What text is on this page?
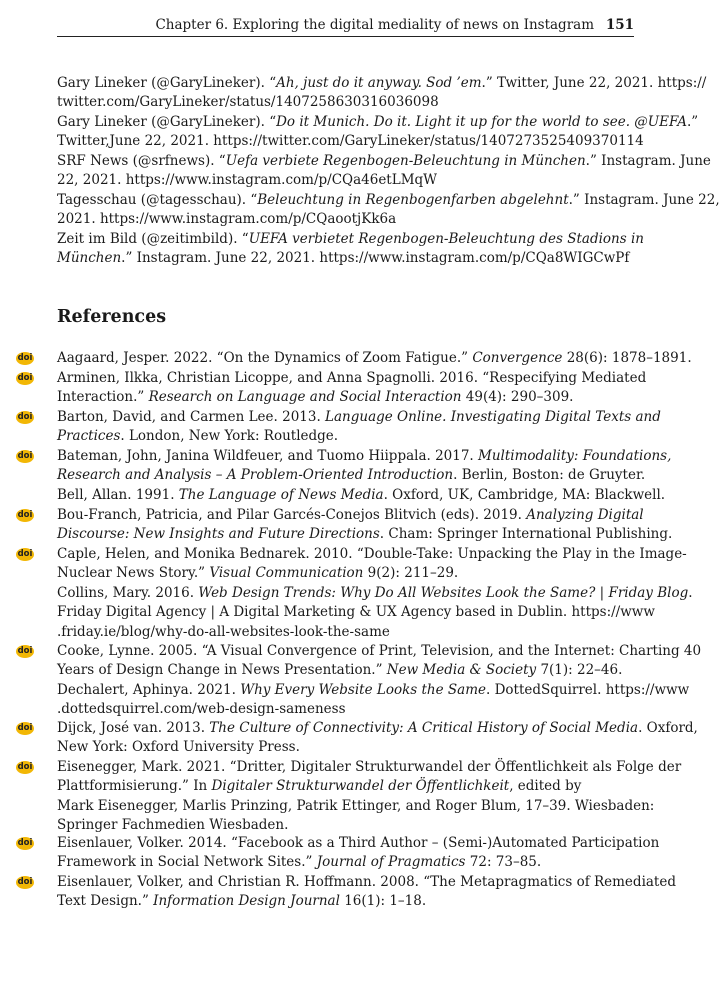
Chapter 6. Exploring the digital mediality of news on Instagram 151
Gary Lineker (@GaryLineker). “Ah, just do it anyway. Sod ’em.” Twitter, June 22, 2021. https://
twitter.com/GaryLineker/status/1407258630316036098
Gary Lineker (@GaryLineker). “Do it Munich. Do it. Light it up for the world to see. @UEFA.”
Twitter,June 22, 2021. https://twitter.com/GaryLineker/status/1407273525409370114
SRF News (@srfnews). “Uefa verbiete Regenbogen-Beleuchtung in München.” Instagram. June
22, 2021. https://www.instagram.com/p/CQa46etLMqW
Tagesschau (@tagesschau). “Beleuchtung in Regenbogenfarben abgelehnt.” Instagram. June 22,
2021. https://www.instagram.com/p/CQaootjKk6a
Zeit im Bild (@zeitimbild). “UEFA verbietet Regenbogen-Beleuchtung des Stadions in
München.” Instagram. June 22, 2021. https://www.instagram.com/p/CQa8WIGCwPf
References
Aagaard, Jesper. 2022. “On the Dynamics of Zoom Fatigue.” Convergence 28(6): 1878–1891.
doi
Arminen, Ilkka, Christian Licoppe, and Anna Spagnolli. 2016. “Respecifying Mediated
Interaction.” Research on Language and Social Interaction 49(4): 290–309.
doi
Barton, David, and Carmen Lee. 2013. Language Online. Investigating Digital Texts and
Practices. London, New York: Routledge.
doi
Bateman, John, Janina Wildfeuer, and Tuomo Hiippala. 2017. Multimodality: Foundations,
Research and Analysis – A Problem-Oriented Introduction. Berlin, Boston: de Gruyter.
doi
Bell, Allan. 1991. The Language of News Media. Oxford, UK, Cambridge, MA: Blackwell.
Bou-Franch, Patricia, and Pilar Garcés-Conejos Blitvich (eds). 2019. Analyzing Digital
Discourse: New Insights and Future Directions. Cham: Springer International Publishing.
doi
Caple, Helen, and Monika Bednarek. 2010. “Double-Take: Unpacking the Play in the Image-
Nuclear News Story.” Visual Communication 9(2): 211–29.
doi
Collins, Mary. 2016. Web Design Trends: Why Do All Websites Look the Same? | Friday Blog.
Friday Digital Agency | A Digital Marketing & UX Agency based in Dublin. https://www
.friday.ie/blog/why-do-all-websites-look-the-same
Cooke, Lynne. 2005. “A Visual Convergence of Print, Television, and the Internet: Charting 40
Years of Design Change in News Presentation.” New Media & Society 7(1): 22–46.
doi
Dechalert, Aphinya. 2021. Why Every Website Looks the Same. DottedSquirrel. https://www
.dottedsquirrel.com/web-design-sameness
Dijck, José van. 2013. The Culture of Connectivity: A Critical History of Social Media. Oxford,
New York: Oxford University Press.
doi
Eisenegger, Mark. 2021. “Dritter, Digitaler Strukturwandel der Öffentlichkeit als Folge der
Plattformisierung.” In Digitaler Strukturwandel der Öffentlichkeit, edited by
Mark Eisenegger, Marlis Prinzing, Patrik Ettinger, and Roger Blum, 17–39. Wiesbaden:
Springer Fachmedien Wiesbaden.
doi
Eisenlauer, Volker. 2014. “Facebook as a Third Author – (Semi-)Automated Participation
Framework in Social Network Sites.” Journal of Pragmatics 72: 73–85.
doi
Eisenlauer, Volker, and Christian R. Hoffmann. 2008. “The Metapragmatics of Remediated
Text Design.” Information Design Journal 16(1): 1–18.
doi
